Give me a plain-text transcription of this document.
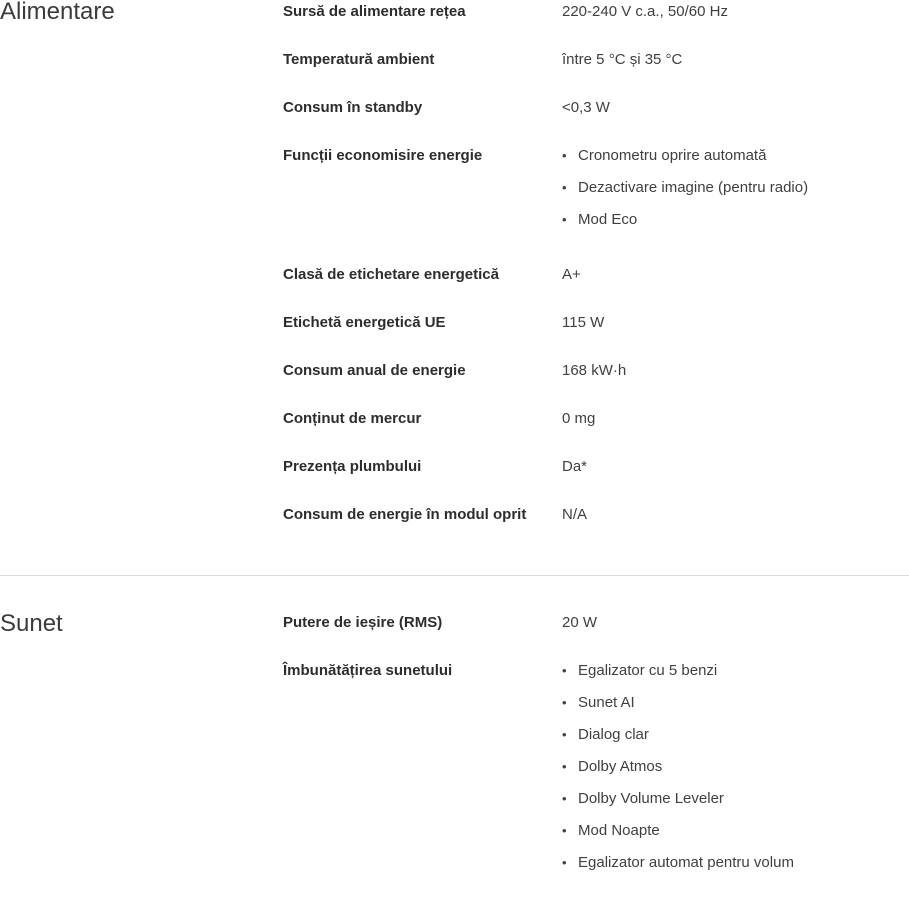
Alimentare	Sursă de alimentare rețea	220-240 V c.a., 50/60 Hz
Temperatură ambient	între 5 °C și 35 °C
Consum în standby	<0,3 W
Funcții economisire energie	• Cronometru oprire automată
• Dezactivare imagine (pentru radio)
• Mod Eco
Clasă de etichetare energetică	A+
Etichetă energetică UE	115 W
Consum anual de energie	168 kW·h
Conținut de mercur	0 mg
Prezența plumbului	Da*
Consum de energie în modul oprit	N/A
Sunet	Putere de ieșire (RMS)	20 W
Îmbunătățirea sunetului	• Egalizator cu 5 benzi
• Sunet AI
• Dialog clar
• Dolby Atmos
• Dolby Volume Leveler
• Mod Noapte
• Egalizator automat pentru volum
